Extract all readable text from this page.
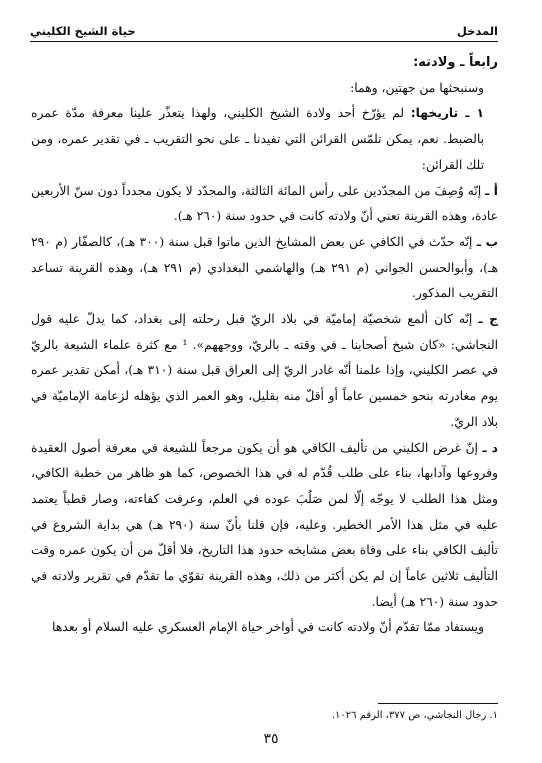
المدخل
حياة الشيخ الكليني

رابعاً ـ ولادته:

وسنبحثها من جهتين، وهما:

١ ـ تاريخها: لم يؤرّخ أحد ولادة الشيخ الكليني، ولهذا يتعذّر علينا معرفة مدّة عمره بالضبط. نعم، يمكن تلمّس القرائن التي تفيدنا ـ على نحو التقريب ـ في تقدير عمره، ومن تلك القرائن:

أ ـ إنّه وُصِفَ من المجدّدين على رأس المائة الثالثة، والمجدّد لا يكون مجدداً دون سنّ الأربعين عادة، وهذه القرينة تعني أنّ ولادته كانت في حدود سنة (٢٦٠ هـ).

ب ـ إنّه حدّث في الكافي عن بعض المشايخ الذين ماتوا قبل سنة (٣٠٠ هـ)، كالصفّار (م ٢٩٠ هـ)، وأبوالحسن الجواني (م ٢٩١ هـ) والهاشمي البغدادي (م ٢٩١ هـ)، وهذه القرينة تساعد التقريب المذكور.

ج ـ إنّه كان ألمع شخصيّة إماميّة في بلاد الريّ قبل رحلته إلى بغداد، كما يدلّ عليه قول النجاشي: «كان شيخ أصحابنا ـ في وقته ـ بالريّ، ووجههم». ¹ مع كثرة علماء الشيعة بالريّ في عصر الكليني، وإذا علمنا أنّه غادر الريّ إلى العراق قبل سنة (٣١٠ هـ)، أمكن تقدير عمره يوم مغادرته بنحو خمسين عاماً أو أقلّ منه بقليل، وهو العمر الذي يؤهله لزعامة الإماميّة في بلاد الريّ.

د ـ إنّ غرض الكليني من تأليف الكافي هو أن يكون مرجعاً للشيعة في معرفة أصول العقيدة وفروعها وآدابها، بناء على طلب قُدّم له في هذا الخصوص، كما هو ظاهر من خطبة الكافي، ومثل هذا الطلب لا يوجّه إلّا لمن صَلُبَ عوده في العلم، وعرفت كفاءته، وصار قطباً يعتمد عليه في مثل هذا الأمر الخطير. وعليه، فإن قلنا بأنّ سنة (٢٩٠ هـ) هي بداية الشروع في تأليف الكافي بناء على وفاة بعض مشايخه حدود هذا التاريخ، فلا أقلّ من أن يكون عمره وقت التأليف ثلاثين عاماً إن لم يكن أكثر من ذلك، وهذه القرينة تقوّي ما تقدّم في تقرير ولادته في حدود سنة (٢٦٠ هـ) أيضا.

ويستفاد ممّا تقدّم أنّ ولادته كانت في أواخر حياة الإمام العسكري عليه السلام أو بعدها

١. رجال النجاشي، ص ٣٧٧، الرقم ١٠٢٦.
٣٥
